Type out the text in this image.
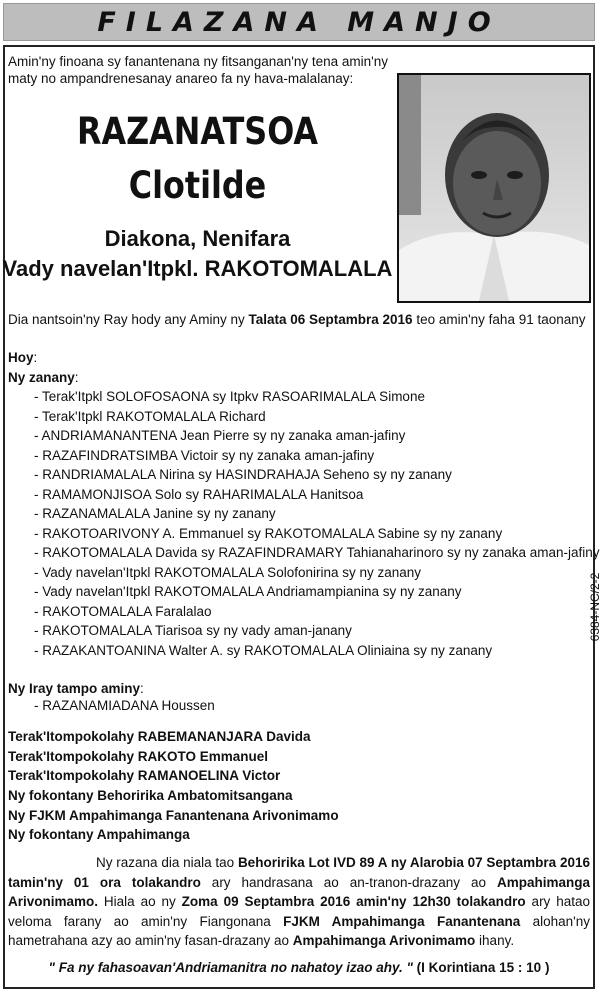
FILAZANA MANJO
Amin'ny finoana sy fanantenana ny fitsanganan'ny tena amin'ny maty no ampandrenesanay anareo fa ny hava-malalanay:
RAZANATSOA
Clotilde
Diakona, Nenifara
Vady navelan'Itpkl. RAKOTOMALALA
Dia nantsoin'ny Ray hody any Aminy ny Talata 06 Septambra 2016 teo amin'ny faha 91 taonany
Hoy:
Ny zanany:
- Terak'Itpkl SOLOFOSAONA sy Itpkv RASOARIMALALA Simone
- Terak'Itpkl RAKOTOMALALA Richard
- ANDRIAMANANTENA Jean Pierre sy ny zanaka aman-jafiny
- RAZAFINDRATSIMBA Victoir sy ny zanaka aman-jafiny
- RANDRIAMALALA Nirina sy HASINDRAHAJA Seheno sy ny zanany
- RAMAMONJISOA Solo sy RAHARIMALALA Hanitsoa
- RAZANAMALALA Janine sy ny zanany
- RAKOTOARIVONY A. Emmanuel sy RAKOTOMALALA Sabine sy ny zanany
- RAKOTOMALALA Davida sy RAZAFINDRAMARY Tahianaharinoro sy ny zanaka aman-jafiny
- Vady navelan'Itpkl RAKOTOMALALA Solofonirina sy ny zanany
- Vady navelan'Itpkl RAKOTOMALALA Andriamampianina sy ny zanany
- RAKOTOMALALA Faralalao
- RAKOTOMALALA Tiarisoa sy ny vady aman-janany
- RAZAKANTOANINA Walter A. sy RAKOTOMALALA Oliniaina sy ny zanany
6384-NC/2-2
Ny Iray tampo aminy:
- RAZANAMIADANA Houssen
Terak'Itompokolahy RABEMANANJARA Davida
Terak'Itompokolahy RAKOTO Emmanuel
Terak'Itompokolahy RAMANOELINA Victor
Ny fokontany Behoririka Ambatomitsangana
Ny FJKM Ampahimanga Fanantenana Arivonimamo
Ny fokontany Ampahimanga
Ny razana dia niala tao Behoririka Lot IVD 89 A ny Alarobia 07 Septambra 2016 tamin'ny 01 ora tolakandro ary handrasana ao an-tranon-drazany ao Ampahimanga Arivonimamo. Hiala ao ny Zoma 09 Septambra 2016 amin'ny 12h30 tolakandro ary hatao veloma farany ao amin'ny Fiangonana FJKM Ampahimanga Fanantenana alohan'ny hametrahana azy ao amin'ny fasan-drazany ao Ampahimanga Arivonimamo ihany.
" Fa ny fahasoavan'Andriamanitra no nahatoy izao ahy. " (I Korintiana 15 : 10 )
